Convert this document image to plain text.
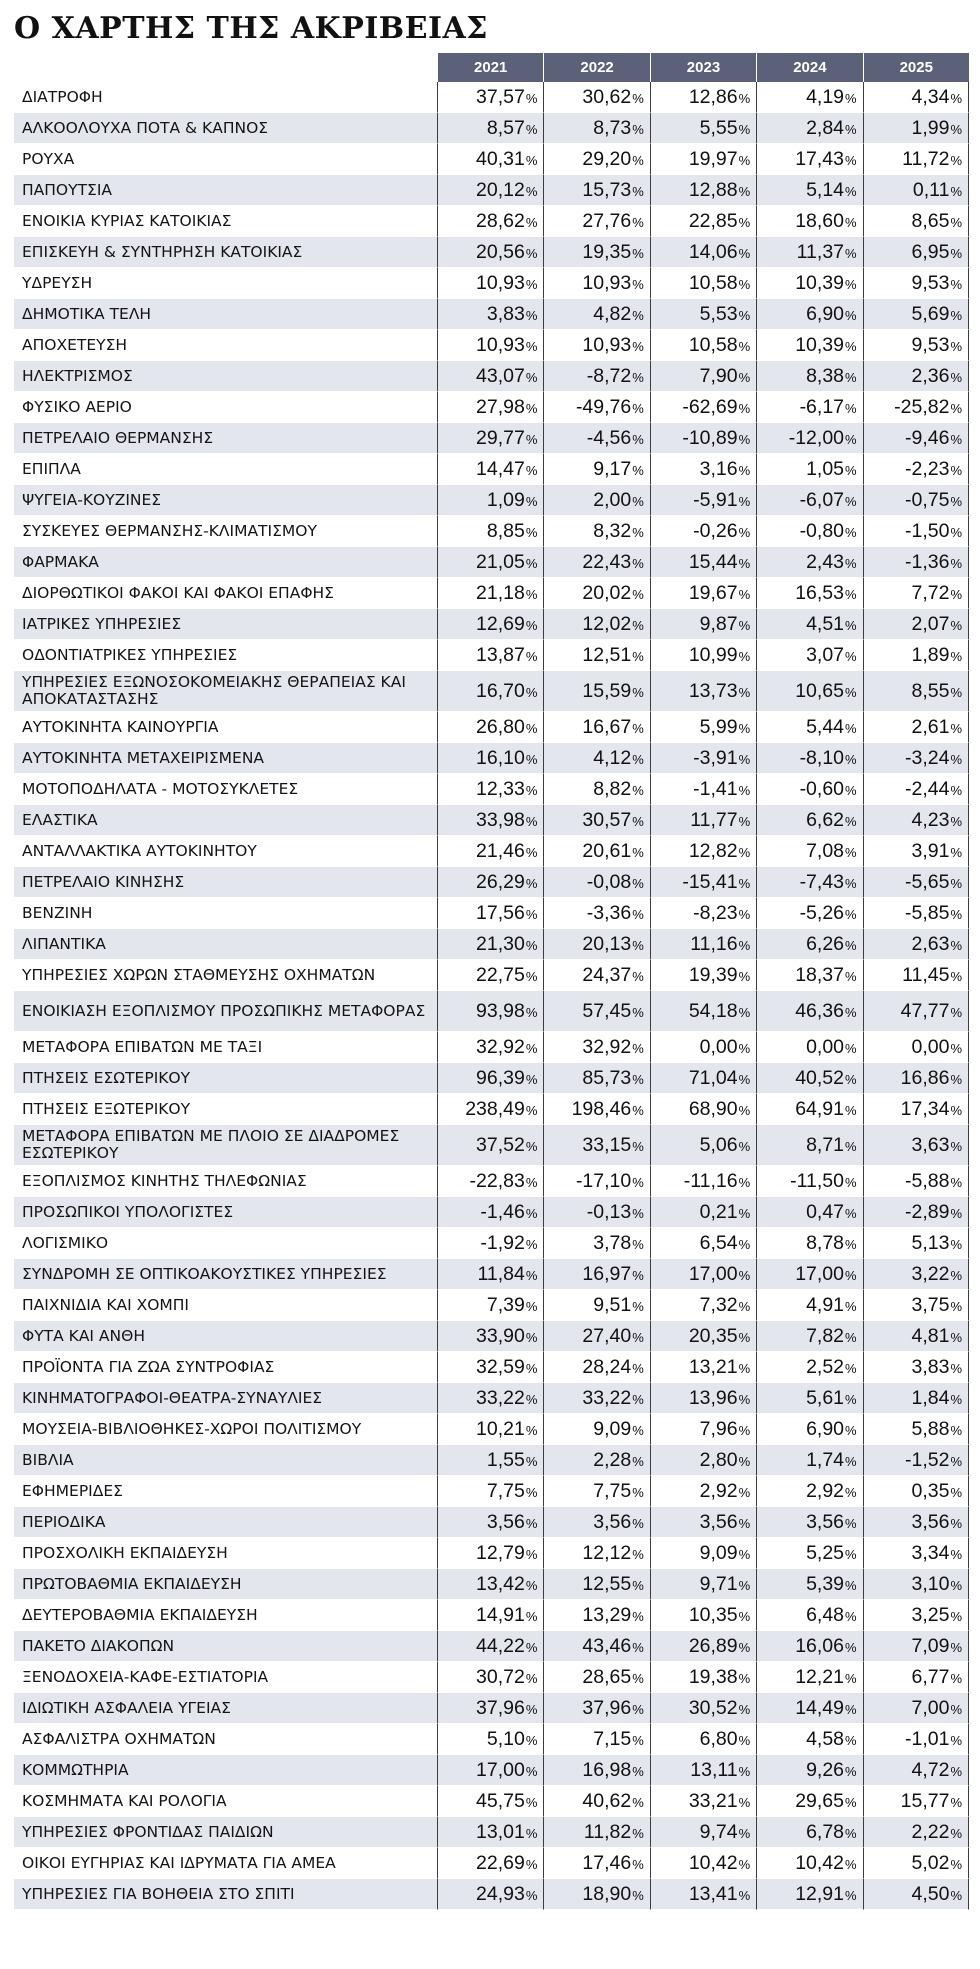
Ο ΧΑΡΤΗΣ ΤΗΣ ΑΚΡΙΒΕΙΑΣ
	2021	2022	2023	2024	2025
ΔΙΑΤΡΟΦΗ	37,57%	30,62%	12,86%	4,19%	4,34%
ΑΛΚΟΟΛΟΥΧΑ ΠΟΤΑ & ΚΑΠΝΟΣ	8,57%	8,73%	5,55%	2,84%	1,99%
ΡΟΥΧΑ	40,31%	29,20%	19,97%	17,43%	11,72%
ΠΑΠΟΥΤΣΙΑ	20,12%	15,73%	12,88%	5,14%	0,11%
ΕΝΟΙΚΙΑ ΚΥΡΙΑΣ ΚΑΤΟΙΚΙΑΣ	28,62%	27,76%	22,85%	18,60%	8,65%
ΕΠΙΣΚΕΥΗ & ΣΥΝΤΗΡΗΣΗ ΚΑΤΟΙΚΙΑΣ	20,56%	19,35%	14,06%	11,37%	6,95%
ΥΔΡΕΥΣΗ	10,93%	10,93%	10,58%	10,39%	9,53%
ΔΗΜΟΤΙΚΑ ΤΕΛΗ	3,83%	4,82%	5,53%	6,90%	5,69%
ΑΠΟΧΕΤΕΥΣΗ	10,93%	10,93%	10,58%	10,39%	9,53%
ΗΛΕΚΤΡΙΣΜΟΣ	43,07%	-8,72%	7,90%	8,38%	2,36%
ΦΥΣΙΚΟ ΑΕΡΙΟ	27,98%	-49,76%	-62,69%	-6,17%	-25,82%
ΠΕΤΡΕΛΑΙΟ ΘΕΡΜΑΝΣΗΣ	29,77%	-4,56%	-10,89%	-12,00%	-9,46%
ΕΠΙΠΛΑ	14,47%	9,17%	3,16%	1,05%	-2,23%
ΨΥΓΕΙΑ-ΚΟΥΖΙΝΕΣ	1,09%	2,00%	-5,91%	-6,07%	-0,75%
ΣΥΣΚΕΥΕΣ ΘΕΡΜΑΝΣΗΣ-ΚΛΙΜΑΤΙΣΜΟΥ	8,85%	8,32%	-0,26%	-0,80%	-1,50%
ΦΑΡΜΑΚΑ	21,05%	22,43%	15,44%	2,43%	-1,36%
ΔΙΟΡΘΩΤΙΚΟΙ ΦΑΚΟΙ ΚΑΙ ΦΑΚΟΙ ΕΠΑΦΗΣ	21,18%	20,02%	19,67%	16,53%	7,72%
ΙΑΤΡΙΚΕΣ ΥΠΗΡΕΣΙΕΣ	12,69%	12,02%	9,87%	4,51%	2,07%
ΟΔΟΝΤΙΑΤΡΙΚΕΣ ΥΠΗΡΕΣΙΕΣ	13,87%	12,51%	10,99%	3,07%	1,89%
ΥΠΗΡΕΣΙΕΣ ΕΞΩΝΟΣΟΚΟΜΕΙΑΚΗΣ ΘΕΡΑΠΕΙΑΣ ΚΑΙ ΑΠΟΚΑΤΑΣΤΑΣΗΣ	16,70%	15,59%	13,73%	10,65%	8,55%
ΑΥΤΟΚΙΝΗΤΑ ΚΑΙΝΟΥΡΓΙΑ	26,80%	16,67%	5,99%	5,44%	2,61%
ΑΥΤΟΚΙΝΗΤΑ ΜΕΤΑΧΕΙΡΙΣΜΕΝΑ	16,10%	4,12%	-3,91%	-8,10%	-3,24%
ΜΟΤΟΠΟΔΗΛΑΤΑ - ΜΟΤΟΣΥΚΛΕΤΕΣ	12,33%	8,82%	-1,41%	-0,60%	-2,44%
ΕΛΑΣΤΙΚΑ	33,98%	30,57%	11,77%	6,62%	4,23%
ΑΝΤΑΛΛΑΚΤΙΚΑ ΑΥΤΟΚΙΝΗΤΟΥ	21,46%	20,61%	12,82%	7,08%	3,91%
ΠΕΤΡΕΛΑΙΟ ΚΙΝΗΣΗΣ	26,29%	-0,08%	-15,41%	-7,43%	-5,65%
ΒΕΝΖΙΝΗ	17,56%	-3,36%	-8,23%	-5,26%	-5,85%
ΛΙΠΑΝΤΙΚΑ	21,30%	20,13%	11,16%	6,26%	2,63%
ΥΠΗΡΕΣΙΕΣ ΧΩΡΩΝ ΣΤΑΘΜΕΥΣΗΣ ΟΧΗΜΑΤΩΝ	22,75%	24,37%	19,39%	18,37%	11,45%
ΕΝΟΙΚΙΑΣΗ ΕΞΟΠΛΙΣΜΟΥ ΠΡΟΣΩΠΙΚΗΣ ΜΕΤΑΦΟΡΑΣ	93,98%	57,45%	54,18%	46,36%	47,77%
ΜΕΤΑΦΟΡΑ ΕΠΙΒΑΤΩΝ ΜΕ ΤΑΞΙ	32,92%	32,92%	0,00%	0,00%	0,00%
ΠΤΗΣΕΙΣ ΕΣΩΤΕΡΙΚΟΥ	96,39%	85,73%	71,04%	40,52%	16,86%
ΠΤΗΣΕΙΣ ΕΞΩΤΕΡΙΚΟΥ	238,49%	198,46%	68,90%	64,91%	17,34%
ΜΕΤΑΦΟΡΑ ΕΠΙΒΑΤΩΝ ΜΕ ΠΛΟΙΟ ΣΕ ΔΙΑΔΡΟΜΕΣ ΕΣΩΤΕΡΙΚΟΥ	37,52%	33,15%	5,06%	8,71%	3,63%
ΕΞΟΠΛΙΣΜΟΣ ΚΙΝΗΤΗΣ ΤΗΛΕΦΩΝΙΑΣ	-22,83%	-17,10%	-11,16%	-11,50%	-5,88%
ΠΡΟΣΩΠΙΚΟΙ ΥΠΟΛΟΓΙΣΤΕΣ	-1,46%	-0,13%	0,21%	0,47%	-2,89%
ΛΟΓΙΣΜΙΚΟ	-1,92%	3,78%	6,54%	8,78%	5,13%
ΣΥΝΔΡΟΜΗ ΣΕ ΟΠΤΙΚΟΑΚΟΥΣΤΙΚΕΣ ΥΠΗΡΕΣΙΕΣ	11,84%	16,97%	17,00%	17,00%	3,22%
ΠΑΙΧΝΙΔΙΑ ΚΑΙ ΧΟΜΠΙ	7,39%	9,51%	7,32%	4,91%	3,75%
ΦΥΤΑ ΚΑΙ ΑΝΘΗ	33,90%	27,40%	20,35%	7,82%	4,81%
ΠΡΟΪΟΝΤΑ ΓΙΑ ΖΩΑ ΣΥΝΤΡΟΦΙΑΣ	32,59%	28,24%	13,21%	2,52%	3,83%
ΚΙΝΗΜΑΤΟΓΡΑΦΟΙ-ΘΕΑΤΡΑ-ΣΥΝΑΥΛΙΕΣ	33,22%	33,22%	13,96%	5,61%	1,84%
ΜΟΥΣΕΙΑ-ΒΙΒΛΙΟΘΗΚΕΣ-ΧΩΡΟΙ ΠΟΛΙΤΙΣΜΟΥ	10,21%	9,09%	7,96%	6,90%	5,88%
ΒΙΒΛΙΑ	1,55%	2,28%	2,80%	1,74%	-1,52%
ΕΦΗΜΕΡΙΔΕΣ	7,75%	7,75%	2,92%	2,92%	0,35%
ΠΕΡΙΟΔΙΚΑ	3,56%	3,56%	3,56%	3,56%	3,56%
ΠΡΟΣΧΟΛΙΚΗ ΕΚΠΑΙΔΕΥΣΗ	12,79%	12,12%	9,09%	5,25%	3,34%
ΠΡΩΤΟΒΑΘΜΙΑ ΕΚΠΑΙΔΕΥΣΗ	13,42%	12,55%	9,71%	5,39%	3,10%
ΔΕΥΤΕΡΟΒΑΘΜΙΑ ΕΚΠΑΙΔΕΥΣΗ	14,91%	13,29%	10,35%	6,48%	3,25%
ΠΑΚΕΤΟ ΔΙΑΚΟΠΩΝ	44,22%	43,46%	26,89%	16,06%	7,09%
ΞΕΝΟΔΟΧΕΙΑ-ΚΑΦΕ-ΕΣΤΙΑΤΟΡΙΑ	30,72%	28,65%	19,38%	12,21%	6,77%
ΙΔΙΩΤΙΚΗ ΑΣΦΑΛΕΙΑ ΥΓΕΙΑΣ	37,96%	37,96%	30,52%	14,49%	7,00%
ΑΣΦΑΛΙΣΤΡΑ ΟΧΗΜΑΤΩΝ	5,10%	7,15%	6,80%	4,58%	-1,01%
ΚΟΜΜΩΤΗΡΙΑ	17,00%	16,98%	13,11%	9,26%	4,72%
ΚΟΣΜΗΜΑΤΑ ΚΑΙ ΡΟΛΟΓΙΑ	45,75%	40,62%	33,21%	29,65%	15,77%
ΥΠΗΡΕΣΙΕΣ ΦΡΟΝΤΙΔΑΣ ΠΑΙΔΙΩΝ	13,01%	11,82%	9,74%	6,78%	2,22%
ΟΙΚΟΙ ΕΥΓΗΡΙΑΣ ΚΑΙ ΙΔΡΥΜΑΤΑ ΓΙΑ ΑΜΕΑ	22,69%	17,46%	10,42%	10,42%	5,02%
ΥΠΗΡΕΣΙΕΣ ΓΙΑ ΒΟΗΘΕΙΑ ΣΤΟ ΣΠΙΤΙ	24,93%	18,90%	13,41%	12,91%	4,50%
